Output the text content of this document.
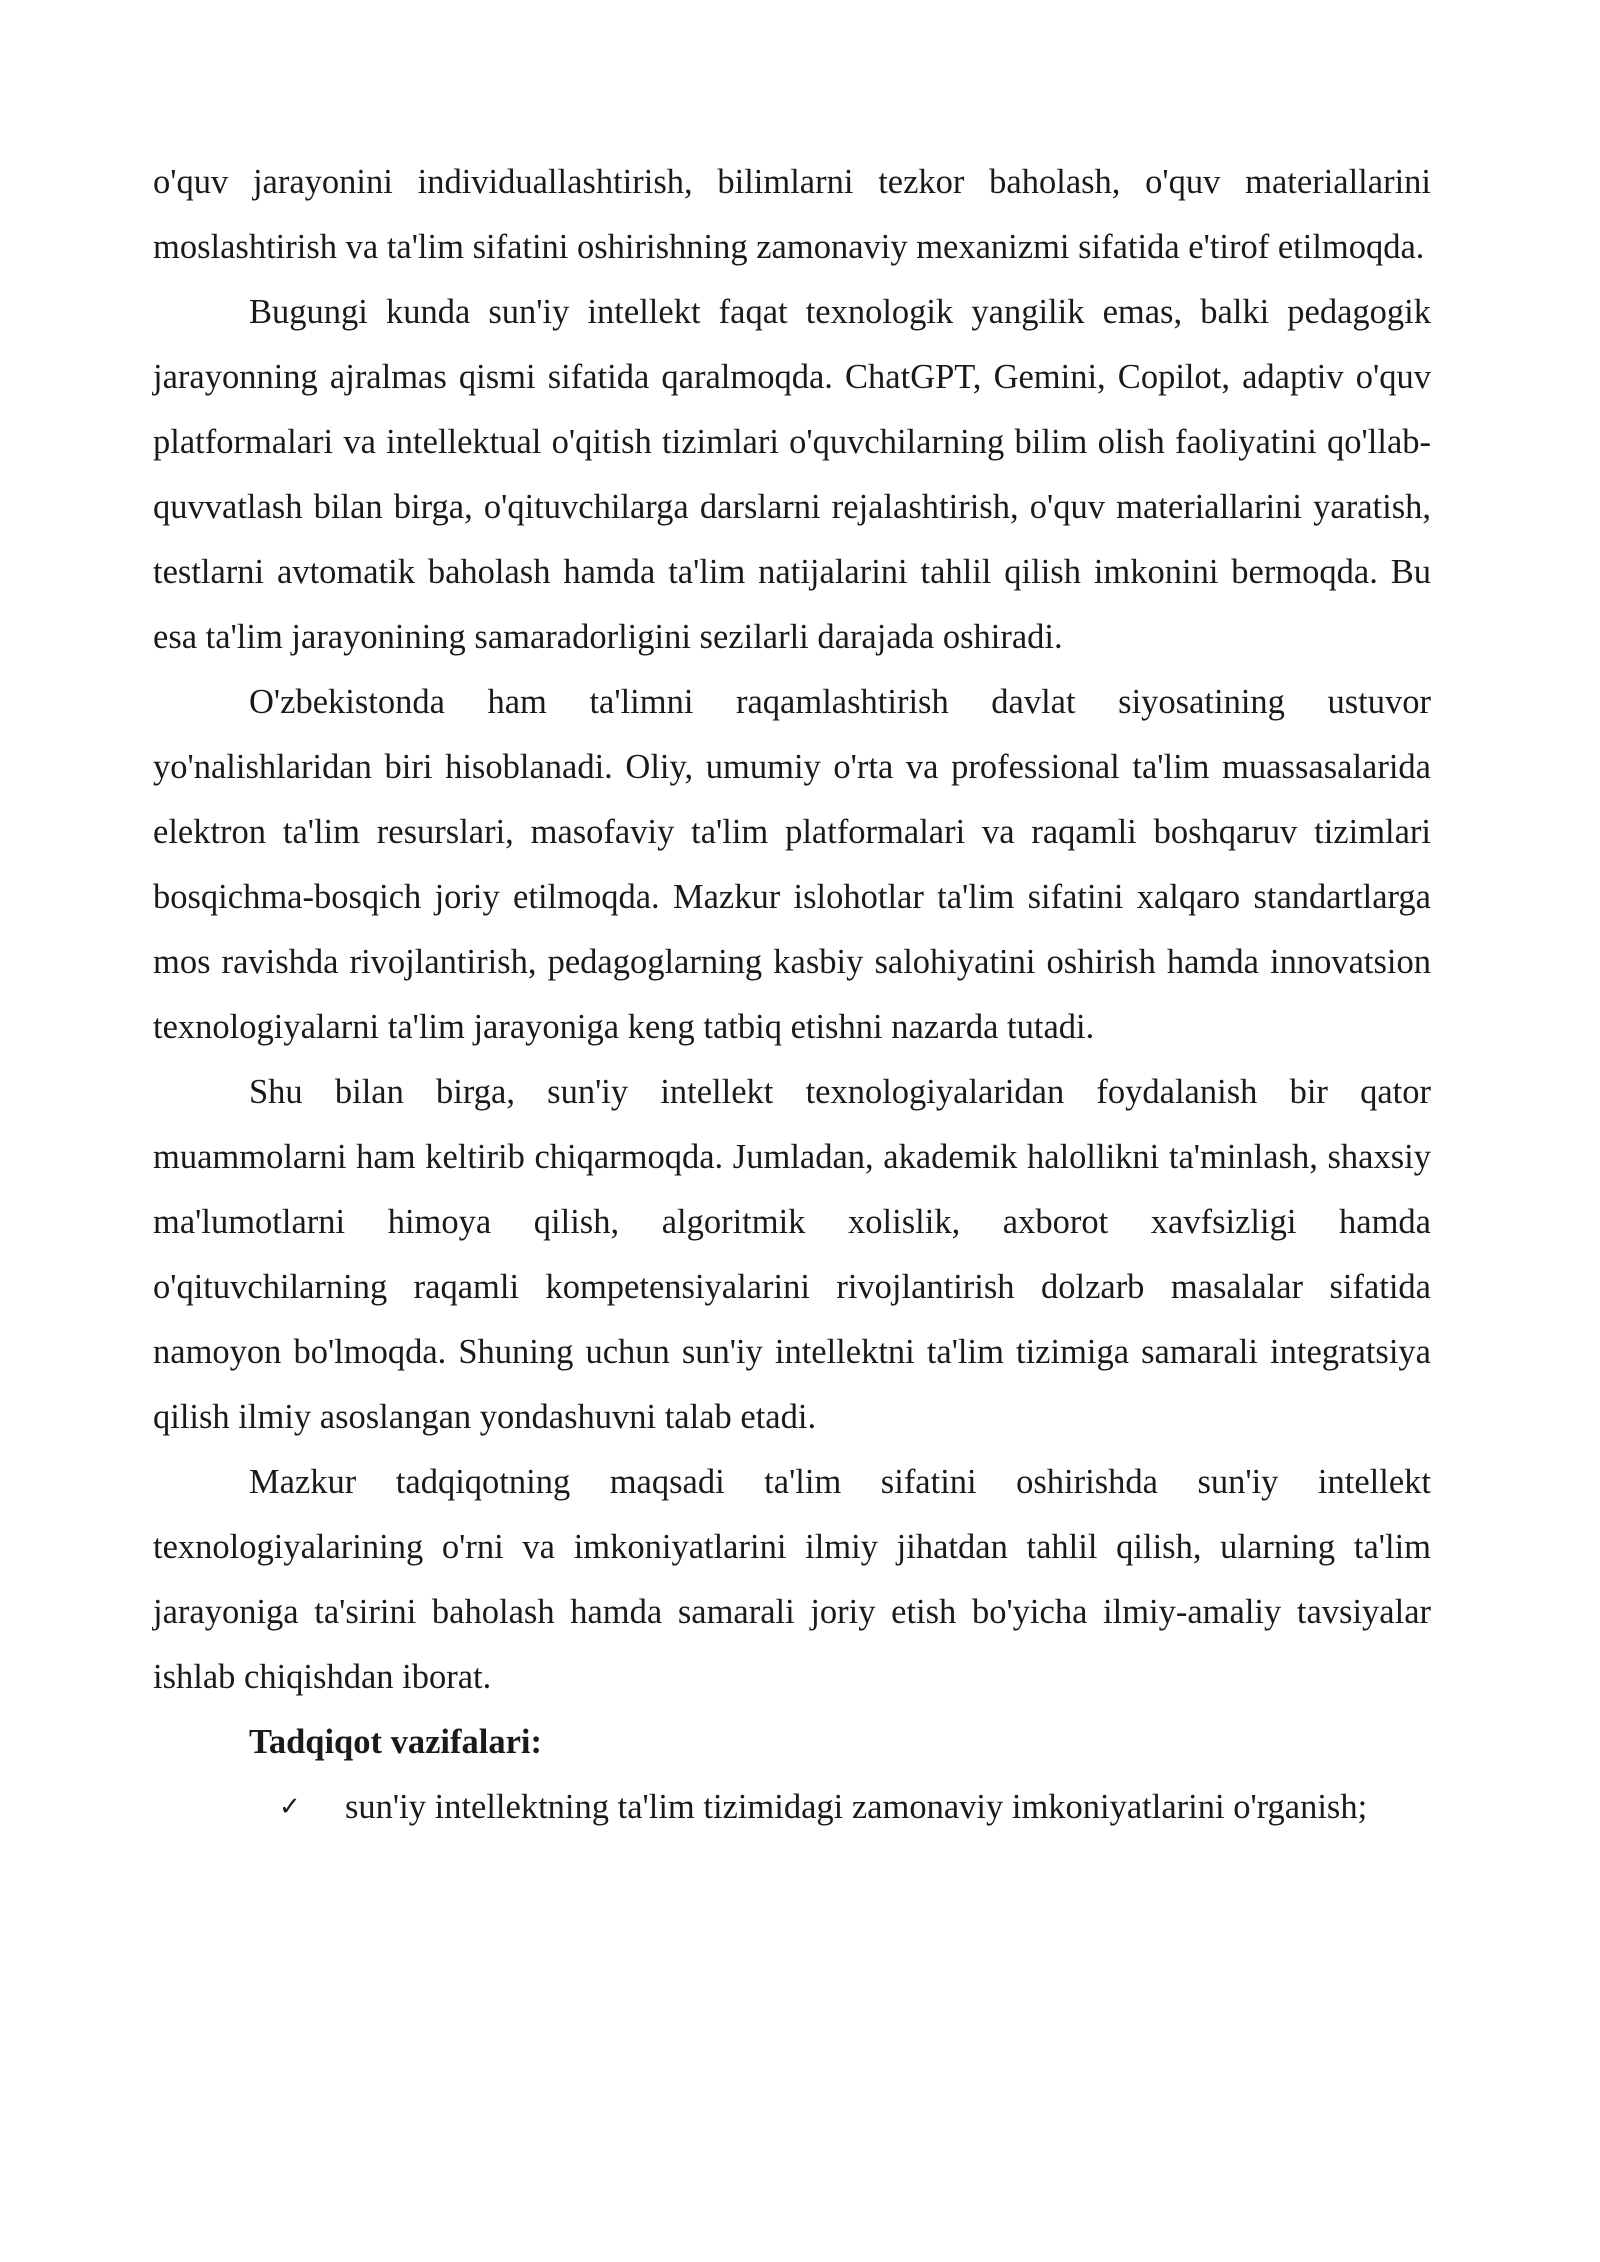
o'quv jarayonini individuallashtirish, bilimlarni tezkor baholash, o'quv materiallarini moslashtirish va ta'lim sifatini oshirishning zamonaviy mexanizmi sifatida e'tirof etilmoqda.

Bugungi kunda sun'iy intellekt faqat texnologik yangilik emas, balki pedagogik jarayonning ajralmas qismi sifatida qaralmoqda. ChatGPT, Gemini, Copilot, adaptiv o'quv platformalari va intellektual o'qitish tizimlari o'quvchilarning bilim olish faoliyatini qo'llab-quvvatlash bilan birga, o'qituvchilarga darslarni rejalashtirish, o'quv materiallarini yaratish, testlarni avtomatik baholash hamda ta'lim natijalarini tahlil qilish imkonini bermoqda. Bu esa ta'lim jarayonining samaradorligini sezilarli darajada oshiradi.

O'zbekistonda ham ta'limni raqamlashtirish davlat siyosatining ustuvor yo'nalishlaridan biri hisoblanadi. Oliy, umumiy o'rta va professional ta'lim muassasalarida elektron ta'lim resurslari, masofaviy ta'lim platformalari va raqamli boshqaruv tizimlari bosqichma-bosqich joriy etilmoqda. Mazkur islohotlar ta'lim sifatini xalqaro standartlarga mos ravishda rivojlantirish, pedagoglarning kasbiy salohiyatini oshirish hamda innovatsion texnologiyalarni ta'lim jarayoniga keng tatbiq etishni nazarda tutadi.

Shu bilan birga, sun'iy intellekt texnologiyalaridan foydalanish bir qator muammolarni ham keltirib chiqarmoqda. Jumladan, akademik halollikni ta'minlash, shaxsiy ma'lumotlarni himoya qilish, algoritmik xolislik, axborot xavfsizligi hamda o'qituvchilarning raqamli kompetensiyalarini rivojlantirish dolzarb masalalar sifatida namoyon bo'lmoqda. Shuning uchun sun'iy intellektni ta'lim tizimiga samarali integratsiya qilish ilmiy asoslangan yondashuvni talab etadi.

Mazkur tadqiqotning maqsadi ta'lim sifatini oshirishda sun'iy intellekt texnologiyalarining o'rni va imkoniyatlarini ilmiy jihatdan tahlil qilish, ularning ta'lim jarayoniga ta'sirini baholash hamda samarali joriy etish bo'yicha ilmiy-amaliy tavsiyalar ishlab chiqishdan iborat.

Tadqiqot vazifalari:

✓	sun'iy intellektning ta'lim tizimidagi zamonaviy imkoniyatlarini o'rganish;
